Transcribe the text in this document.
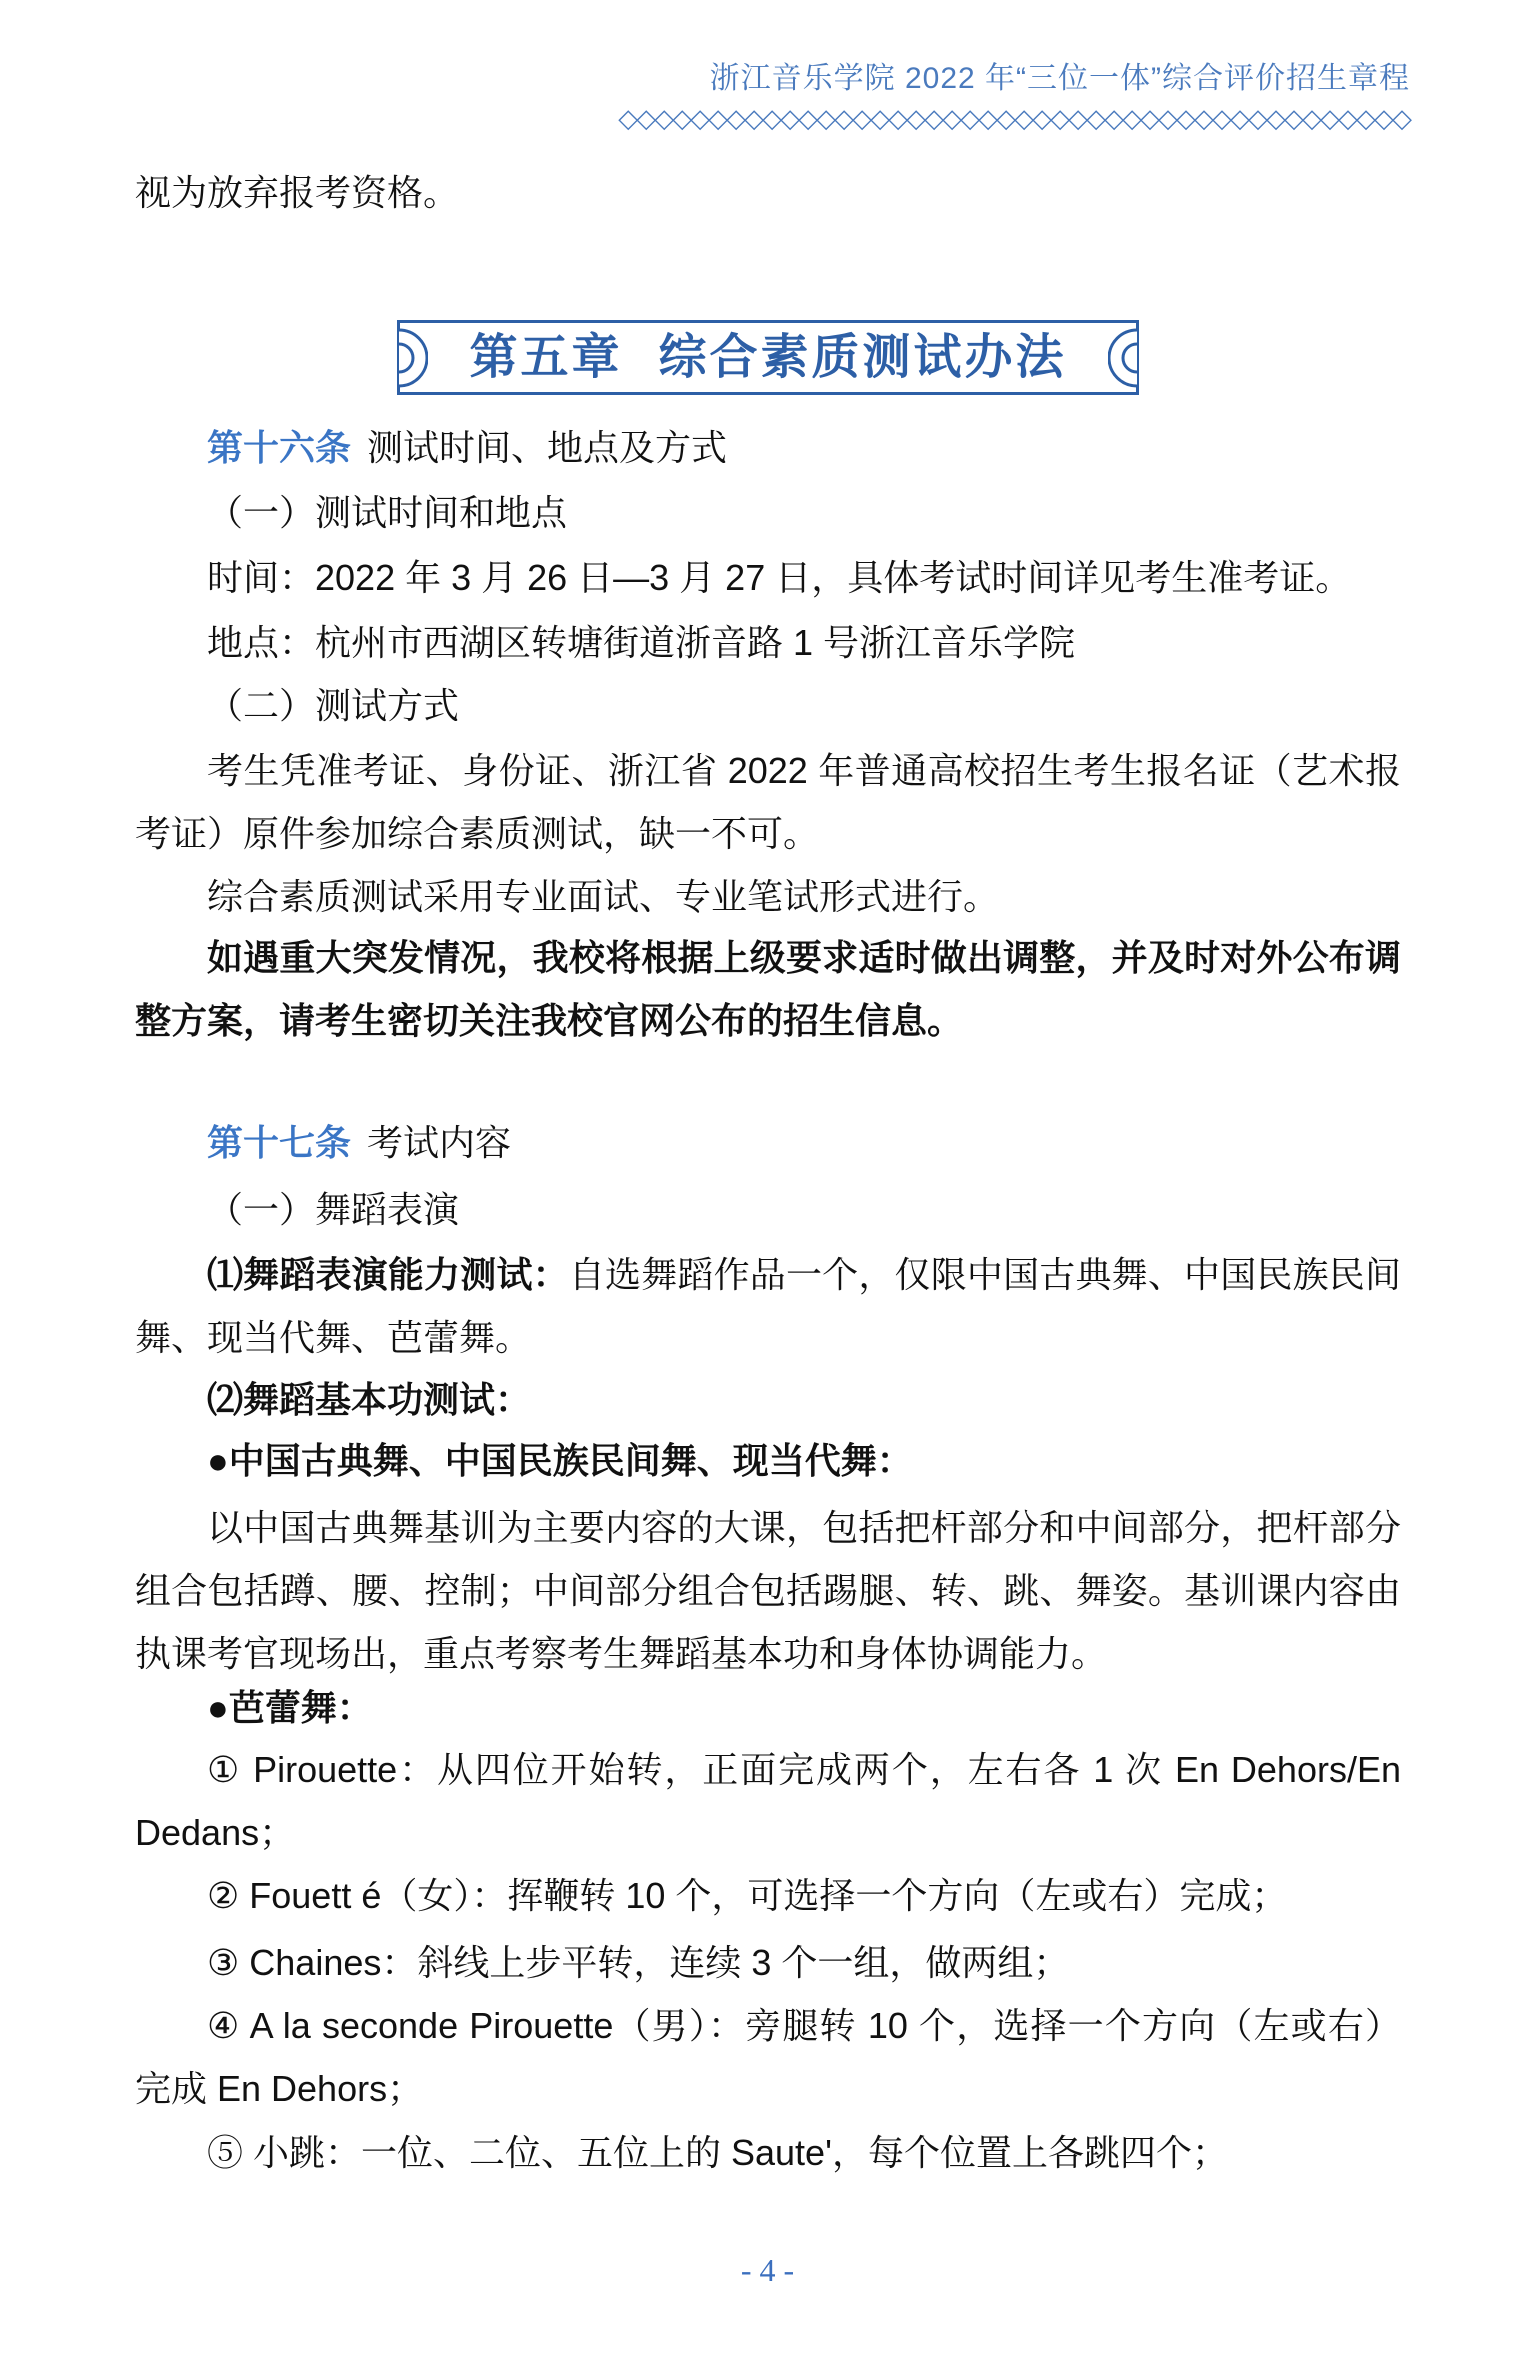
浙江音乐学院 2022 年“三位一体”综合评价招生章程
◇◇◇◇◇◇◇◇◇◇◇◇◇◇◇◇◇◇◇◇◇◇◇◇◇◇◇◇◇◇◇◇◇◇◇◇◇◇◇◇◇◇◇◇

视为放弃报考资格。

第五章 综合素质测试办法

第十六条 测试时间、地点及方式

（一）测试时间和地点

时间：2022 年 3 月 26 日—3 月 27 日，具体考试时间详见考生准考证。

地点：杭州市西湖区转塘街道浙音路 1 号浙江音乐学院

（二）测试方式

考生凭准考证、身份证、浙江省 2022 年普通高校招生考生报名证（艺术报考证）原件参加综合素质测试，缺一不可。

综合素质测试采用专业面试、专业笔试形式进行。

如遇重大突发情况，我校将根据上级要求适时做出调整，并及时对外公布调整方案，请考生密切关注我校官网公布的招生信息。

第十七条 考试内容

（一）舞蹈表演

⑴舞蹈表演能力测试：自选舞蹈作品一个，仅限中国古典舞、中国民族民间舞、现当代舞、芭蕾舞。

⑵舞蹈基本功测试：

●中国古典舞、中国民族民间舞、现当代舞：

以中国古典舞基训为主要内容的大课，包括把杆部分和中间部分，把杆部分组合包括蹲、腰、控制；中间部分组合包括踢腿、转、跳、舞姿。基训课内容由执课考官现场出，重点考察考生舞蹈基本功和身体协调能力。

●芭蕾舞：

① Pirouette：从四位开始转，正面完成两个，左右各 1 次 En Dehors/En Dedans；

② Fouett é（女）：挥鞭转 10 个，可选择一个方向（左或右）完成；

③ Chaines：斜线上步平转，连续 3 个一组，做两组；

④ A la seconde Pirouette（男）：旁腿转 10 个，选择一个方向（左或右）完成 En Dehors；

⑤ 小跳：一位、二位、五位上的 Saute'，每个位置上各跳四个；

- 4 -
